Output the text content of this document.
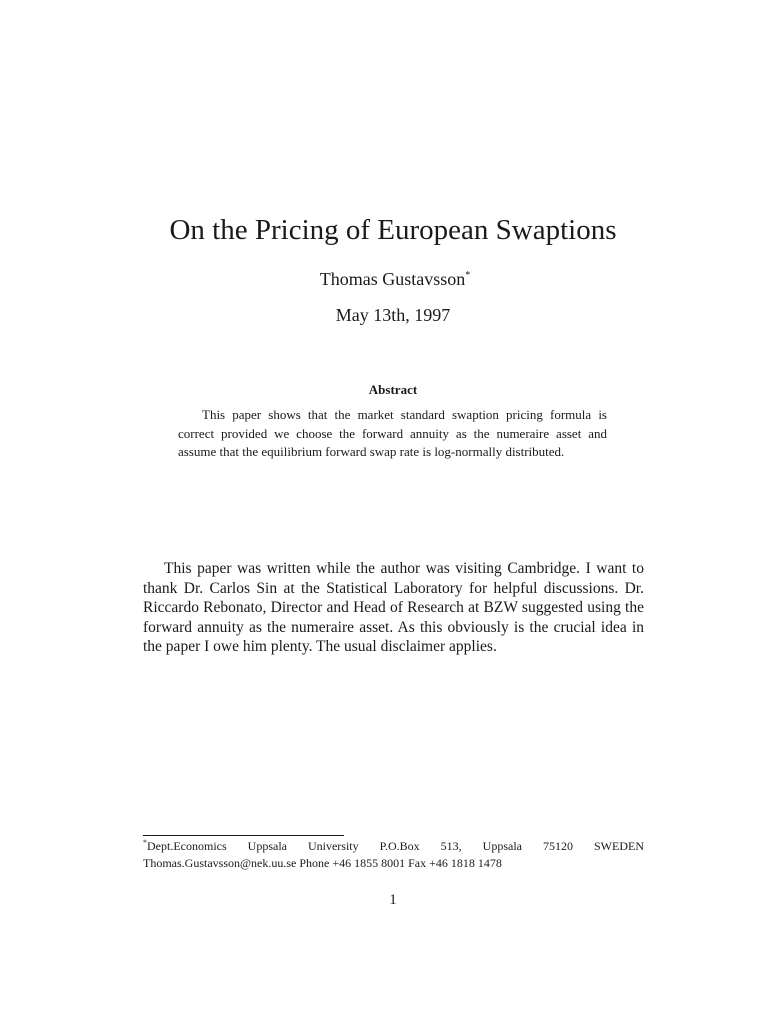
On the Pricing of European Swaptions
Thomas Gustavsson*
May 13th, 1997
Abstract

This paper shows that the market standard swaption pricing formula is correct provided we choose the forward annuity as the numeraire asset and assume that the equilibrium forward swap rate is log-normally distributed.

This paper was written while the author was visiting Cambridge. I want to thank Dr. Carlos Sin at the Statistical Laboratory for helpful discussions. Dr. Riccardo Rebonato, Director and Head of Research at BZW suggested using the forward annuity as the numeraire asset. As this obviously is the crucial idea in the paper I owe him plenty. The usual disclaimer applies.

*Dept.Economics Uppsala University P.O.Box 513, Uppsala 75120 SWEDEN
Thomas.Gustavsson@nek.uu.se Phone +46 1855 8001 Fax +46 1818 1478
1
